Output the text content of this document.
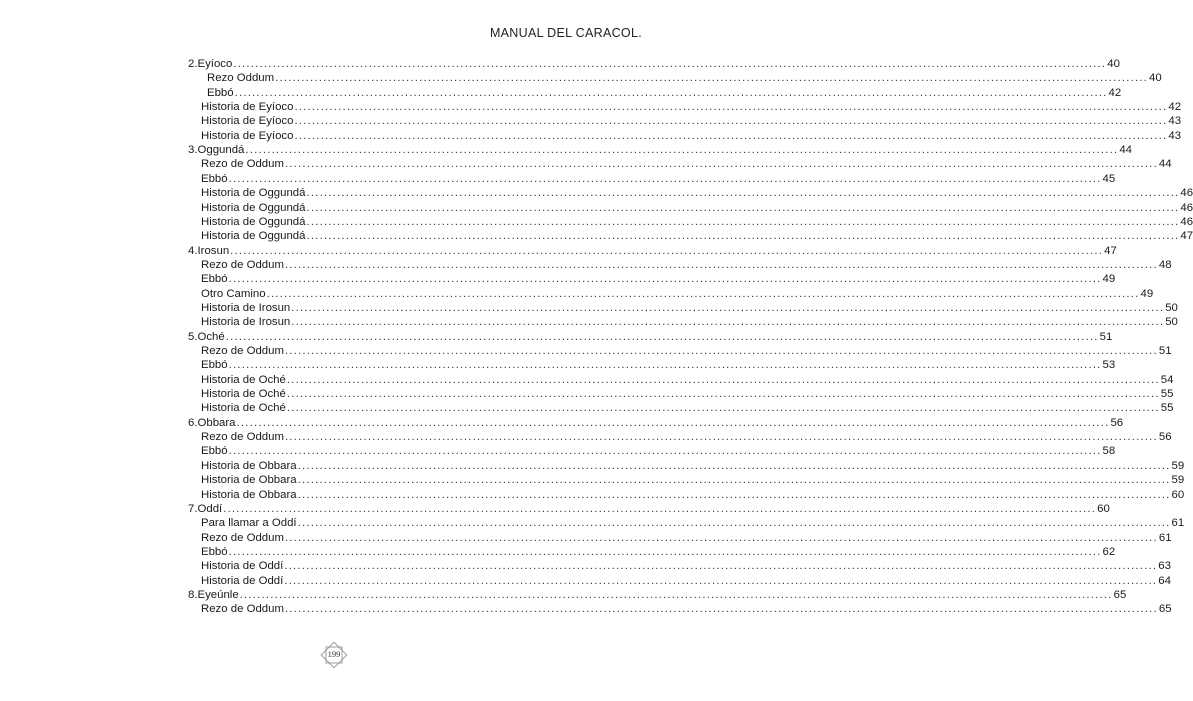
MANUAL DEL CARACOL.
2. Eyíoco ........................................................................................................................................................................................................ 40
Rezo Oddum ........................................................................................................................................................................................................ 40
Ebbó ........................................................................................................................................................................................................ 42
Historia de Eyíoco ........................................................................................................................................................................................................ 42
Historia de Eyíoco ........................................................................................................................................................................................................ 43
Historia de Eyíoco ........................................................................................................................................................................................................ 43
3. Oggundá ........................................................................................................................................................................................................ 44
Rezo de Oddum ........................................................................................................................................................................................................ 44
Ebbó ........................................................................................................................................................................................................ 45
Historia de Oggundá ........................................................................................................................................................................................................ 46
Historia de Oggundá ........................................................................................................................................................................................................ 46
Historia de Oggundá ........................................................................................................................................................................................................ 46
Historia de Oggundá ........................................................................................................................................................................................................ 47
4. Irosun ........................................................................................................................................................................................................ 47
Rezo de Oddum ........................................................................................................................................................................................................ 48
Ebbó ........................................................................................................................................................................................................ 49
Otro Camino ........................................................................................................................................................................................................ 49
Historia de Irosun ........................................................................................................................................................................................................ 50
Historia de Irosun ........................................................................................................................................................................................................ 50
5. Oché ........................................................................................................................................................................................................ 51
Rezo de Oddum ........................................................................................................................................................................................................ 51
Ebbó ........................................................................................................................................................................................................ 53
Historia de Oché ........................................................................................................................................................................................................ 54
Historia de Oché ........................................................................................................................................................................................................ 55
Historia de Oché ........................................................................................................................................................................................................ 55
6. Obbara ........................................................................................................................................................................................................ 56
Rezo de Oddum ........................................................................................................................................................................................................ 56
Ebbó ........................................................................................................................................................................................................ 58
Historia de Obbara ........................................................................................................................................................................................................ 59
Historia de Obbara ........................................................................................................................................................................................................ 59
Historia de Obbara ........................................................................................................................................................................................................ 60
7. Oddí ........................................................................................................................................................................................................ 60
Para llamar a Oddí ........................................................................................................................................................................................................ 61
Rezo de Oddum ........................................................................................................................................................................................................ 61
Ebbó ........................................................................................................................................................................................................ 62
Historia de Oddí ........................................................................................................................................................................................................ 63
Historia de Oddí ........................................................................................................................................................................................................ 64
8. Eyeúnle ........................................................................................................................................................................................................ 65
Rezo de Oddum ........................................................................................................................................................................................................ 65
199
